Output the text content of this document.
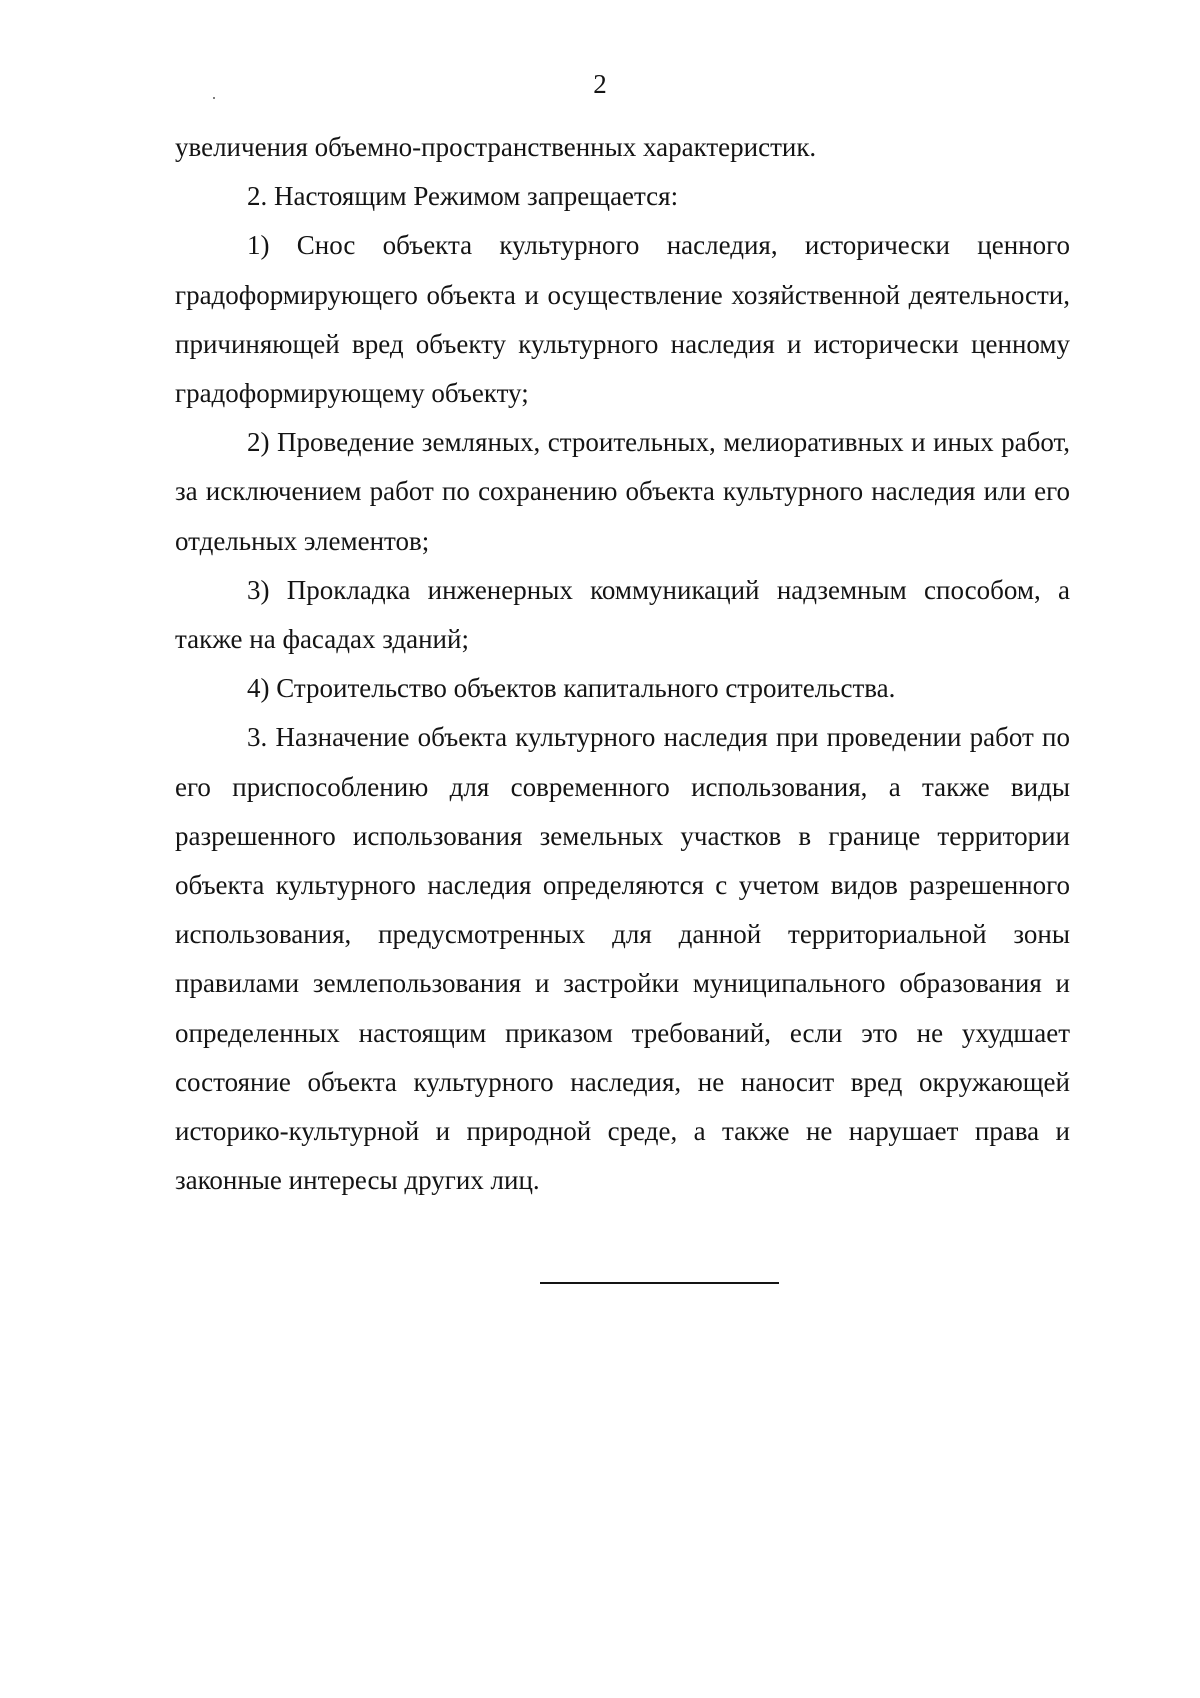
2

увеличения объемно-пространственных характеристик.

2. Настоящим Режимом запрещается:

1) Снос объекта культурного наследия, исторически ценного градоформирующего объекта и осуществление хозяйственной деятельности, причиняющей вред объекту культурного наследия и исторически ценному градоформирующему объекту;

2) Проведение земляных, строительных, мелиоративных и иных работ, за исключением работ по сохранению объекта культурного наследия или его отдельных элементов;

3) Прокладка инженерных коммуникаций надземным способом, а также на фасадах зданий;

4) Строительство объектов капитального строительства.

3. Назначение объекта культурного наследия при проведении работ по его приспособлению для современного использования, а также виды разрешенного использования земельных участков в границе территории объекта культурного наследия определяются с учетом видов разрешенного использования, предусмотренных для данной территориальной зоны правилами землепользования и застройки муниципального образования и определенных настоящим приказом требований, если это не ухудшает состояние объекта культурного наследия, не наносит вред окружающей историко-культурной и природной среде, а также не нарушает права и законные интересы других лиц.
